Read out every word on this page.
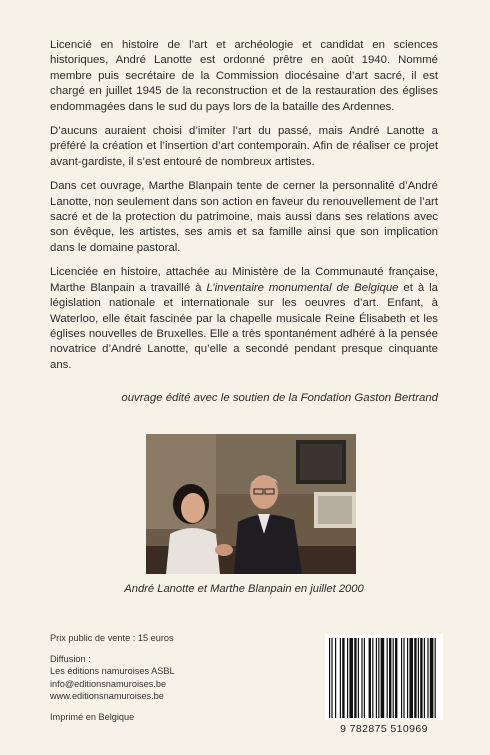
Licencié en histoire de l’art et archéologie et candidat en sciences historiques, André Lanotte est ordonné prêtre en août 1940. Nommé membre puis secrétaire de la Commission diocésaine d’art sacré, il est chargé en juillet 1945 de la reconstruction et de la restauration des églises endommagées dans le sud du pays lors de la bataille des Ardennes.

D’aucuns auraient choisi d’imiter l’art du passé, mais André Lanotte a préféré la création et l’insertion d’art contemporain. Afin de réaliser ce projet avant-gardiste, il s’est entouré de nombreux artistes.

Dans cet ouvrage, Marthe Blanpain tente de cerner la personnalité d’André Lanotte, non seulement dans son action en faveur du renouvellement de l’art sacré et de la protection du patrimoine, mais aussi dans ses relations avec son évêque, les artistes, ses amis et sa famille ainsi que son implication dans le domaine pastoral.

Licenciée en histoire, attachée au Ministère de la Communauté française, Marthe Blanpain a travaillé à L’inventaire monumental de Belgique et à la législation nationale et internationale sur les oeuvres d’art. Enfant, à Waterloo, elle était fascinée par la chapelle musicale Reine Élisabeth et les églises nouvelles de Bruxelles. Elle a très spontanément adhéré à la pensée novatrice d’André Lanotte, qu’elle a secondé pendant presque cinquante ans.

ouvrage édité avec le soutien de la Fondation Gaston Bertrand
André Lanotte et Marthe Blanpain en juillet 2000
Prix public de vente : 15 euros
Diffusion :
Les éditions namuroises ASBL
info@editionsnamuroises.be
www.editionsnamuroises.be
Imprimé en Belgique
9 782875 510969
